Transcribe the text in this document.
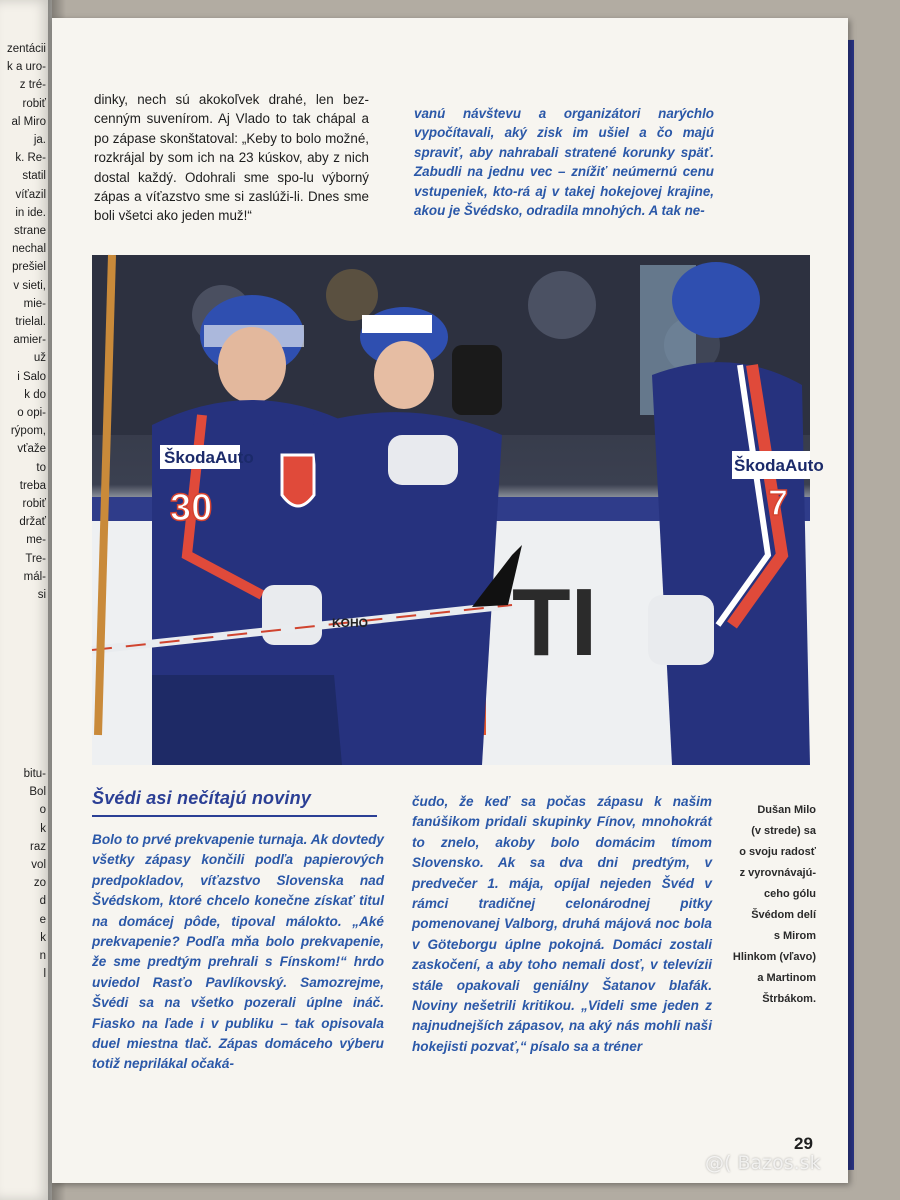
zentácii
k a uro-
z tré-
robiť
al Miro
ja.
k. Re-
statil
víťazil
in ide.
strane
nechal
prešiel
v sieti,
mie-
trielal.
amier-
už
i Salo
k do
o opi-
rýpom,
vťaže
to
treba
robiť
držať
me-
Tre-
mál-
si
bitu-
Bol
o
k
raz
vol
zo
d
e
k
n
l

dinky, nech sú akokoľvek drahé, len bez-cenným suvenírom. Aj Vlado to tak chápal a po zápase skonštatoval: „Keby to bolo možné, rozkrájal by som ich na 23 kúskov, aby z nich dostal každý. Odohrali sme spo-lu výborný zápas a víťazstvo sme si zaslúži-li. Dnes sme boli všetci ako jeden muž!“

vanú návštevu a organizátori narýchlo vypočítavali, aký zisk im ušiel a čo majú spraviť, aby nahrabali stratené korunky späť. Zabudli na jednu vec – znížiť neúmernú cenu vstupeniek, kto-rá aj v takej hokejovej krajine, akou je Švédsko, odradila mnohých. A tak ne-

TI
ŠkodaAuto
30
KOHO
ŠkodaAuto
7
Švédi asi nečítajú noviny

Bolo to prvé prekvapenie turnaja. Ak dovtedy všetky zápasy končili podľa papierových predpokladov, víťazstvo Slovenska nad Švédskom, ktoré chcelo konečne získať titul na domácej pôde, tipoval málokto. „Aké prekvapenie? Podľa mňa bolo prekvapenie, že sme predtým prehrali s Fínskom!“ hrdo uviedol Rasťo Pavlíkovský. Samozrejme, Švédi sa na všetko pozerali úplne ináč. Fiasko na ľade i v publiku – tak opisovala duel miestna tlač. Zápas domáceho výberu totiž neprilákal očaká-

čudo, že keď sa počas zápasu k našim fanúšikom pridali skupinky Fínov, mnohokrát to znelo, akoby bolo domácim tímom Slovensko. Ak sa dva dni predtým, v predvečer 1. mája, opíjal nejeden Švéd v rámci tradičnej celonárodnej pitky pomenovanej Valborg, druhá májová noc bola v Göteborgu úplne pokojná. Domáci zostali zaskočení, a aby toho nemali dosť, v televízii stále opakovali geniálny Šatanov blafák. Noviny nešetrili kritikou. „Videli sme jeden z najnudnejších zápasov, na aký nás mohli naši hokejisti pozvať,“ písalo sa a tréner

Dušan Milo
(v strede) sa
o svoju radosť
z vyrovnávajú-
ceho gólu
Švédom delí
s Mirom
Hlinkom (vľavo)
a Martinom
Štrbákom.
29
@( Bazos.sk
